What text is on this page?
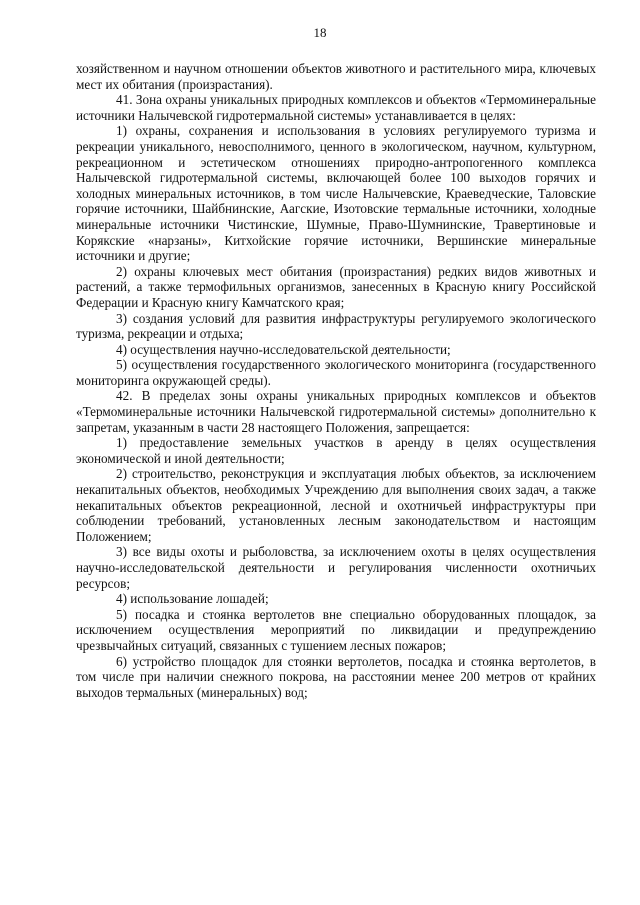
18

хозяйственном и научном отношении объектов животного и растительного мира, ключевых мест их обитания (произрастания).

41. Зона охраны уникальных природных комплексов и объектов «Термоминеральные источники Налычевской гидротермальной системы» устанавливается в целях:

1) охраны, сохранения и использования в условиях регулируемого туризма и рекреации уникального, невосполнимого, ценного в экологическом, научном, культурном, рекреационном и эстетическом отношениях природно-антропогенного комплекса Налычевской гидротермальной системы, включающей более 100 выходов горячих и холодных минеральных источников, в том числе Налычевские, Краеведческие, Таловские горячие источники, Шайбнинские, Аагские, Изотовские термальные источники, холодные минеральные источники Чистинские, Шумные, Право-Шумнинские, Травертиновые и Корякские «нарзаны», Китхойские горячие источники, Вершинские минеральные источники и другие;

2) охраны ключевых мест обитания (произрастания) редких видов животных и растений, а также термофильных организмов, занесенных в Красную книгу Российской Федерации и Красную книгу Камчатского края;

3) создания условий для развития инфраструктуры регулируемого экологического туризма, рекреации и отдыха;

4) осуществления научно-исследовательской деятельности;

5) осуществления государственного экологического мониторинга (государственного мониторинга окружающей среды).

42. В пределах зоны охраны уникальных природных комплексов и объектов «Термоминеральные источники Налычевской гидротермальной системы» дополнительно к запретам, указанным в части 28 настоящего Положения, запрещается:

1) предоставление земельных участков в аренду в целях осуществления экономической и иной деятельности;

2) строительство, реконструкция и эксплуатация любых объектов, за исключением некапитальных объектов, необходимых Учреждению для выполнения своих задач, а также некапитальных объектов рекреационной, лесной и охотничьей инфраструктуры при соблюдении требований, установленных лесным законодательством и настоящим Положением;

3) все виды охоты и рыболовства, за исключением охоты в целях осуществления научно-исследовательской деятельности и регулирования численности охотничьих ресурсов;

4) использование лошадей;

5) посадка и стоянка вертолетов вне специально оборудованных площадок, за исключением осуществления мероприятий по ликвидации и предупреждению чрезвычайных ситуаций, связанных с тушением лесных пожаров;

6) устройство площадок для стоянки вертолетов, посадка и стоянка вертолетов, в том числе при наличии снежного покрова, на расстоянии менее 200 метров от крайних выходов термальных (минеральных) вод;
